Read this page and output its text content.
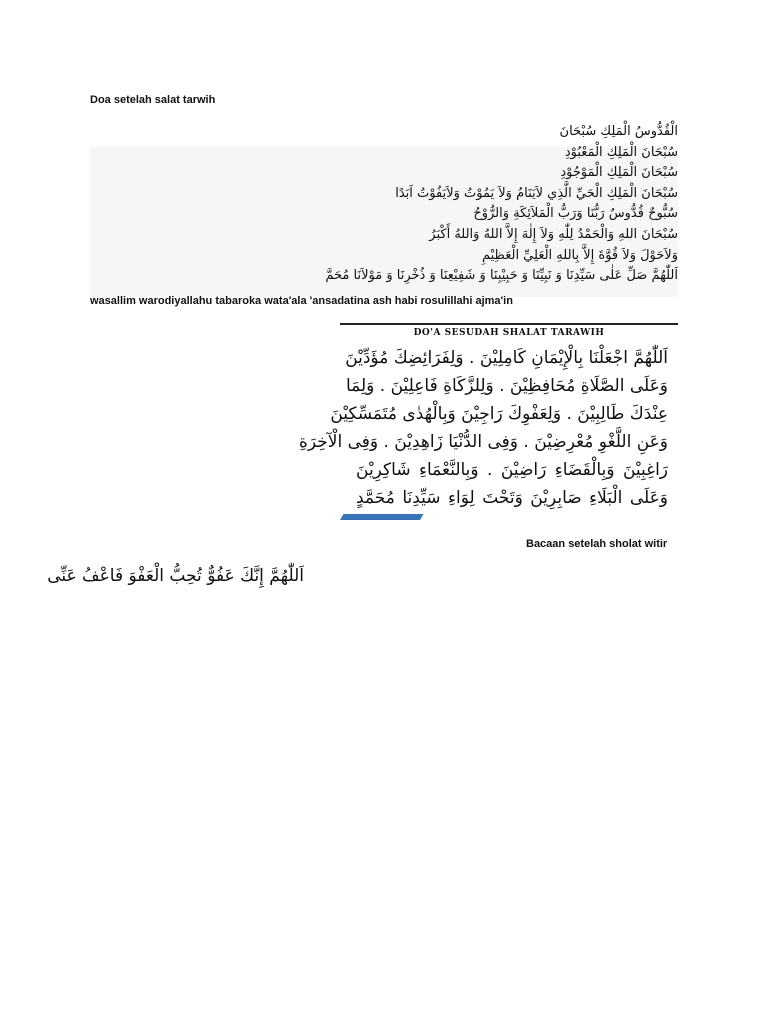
Doa setelah salat tarwih
الْقُدُّوسُ الْمَلِكِ سُبْحَانَ
سُبْحَانَ الْمَلِكِ الْمَعْبُوْدِ
سُبْحَانَ الْمَلِكِ الْمَوْجُوْدِ
سُبْحَانَ الْمَلِكِ الْحَيِّ الَّذِي لاَيَنَامُ وَلاَ يَمُوْتُ وَلاَيَفُوْتُ اَبَدًا
سُبُّوحٌ قُدُّوسٌ رَبُّنَا وَرَبُّ الْمَلاَئِكَةِ وَالرُّوْحُ
سُبْحَانَ اللهِ وَالْحَمْدُ لِلّٰهِ وَلاَ إِلٰهَ إِلاَّ اللهُ وَاللهُ أَكْبَرُ
وَلاَحَوْلَ وَلاَ قُوَّةَ إِلاَّ بِاللهِ الْعَلِيِّ الْعَظِيْمِ
اَللّٰهُمَّ صَلِّ عَلٰى سَيِّدِنَا وَ نَبِيِّنَا وَ حَبِيْبِنَا وَ شَفِيْعِنَا وَ ذُخْرِنَا وَ مَوْلاَنَا مُحَمَّ
wasallim warodiyallahu tabaroka wata'ala 'ansadatina ash habi rosulillahi ajma'in
DO'A SESUDAH SHALAT TARAWIH
اَللّٰهُمَّ اجْعَلْنَا بِالْإِيْمَانِ كَامِلِيْنَ . وَلِفَرَائِضِكَ مُؤَدِّيْنَ
وَعَلَى الصَّلَاةِ مُحَافِظِيْنَ . وَلِلزَّكَاةِ فَاعِلِيْنَ . وَلِمَا
عِنْدَكَ طَالِبِيْنَ . وَلِعَفْوِكَ رَاجِيْنَ وَبِالْهُدٰى مُتَمَسِّكِيْنَ
وَعَنِ اللَّغْوِ مُعْرِضِيْنَ . وَفِى الدُّنْيَا زَاهِدِيْنَ . وَفِى الْآخِرَةِ
رَاغِبِيْنَ وَبِالْقَضَاءِ رَاضِيْنَ . وَبِالنَّعْمَاءِ شَاكِرِيْنَ
وَعَلَى الْبَلَاءِ صَابِرِيْنَ وَتَحْتَ لِوَاءِ سَيِّدِنَا مُحَمَّدٍ
Bacaan setelah sholat witir
اَللّٰهُمَّ إِنَّكَ عَفُوٌّ تُحِبُّ الْعَفْوَ فَاعْفُ عَنِّى
